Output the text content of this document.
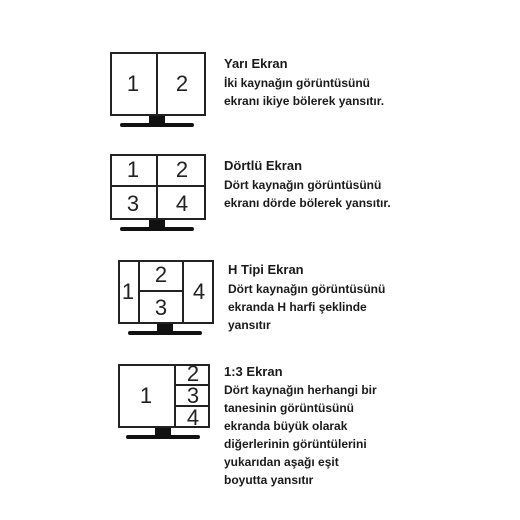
1	2
Yarı Ekran
İki kaynağın görüntüsünü
ekranı ikiye bölerek yansıtır.
1	2
3	4
Dörtlü Ekran
Dört kaynağın görüntüsünü
ekranı dörde bölerek yansıtır.
1
2
3
4
H Tipi Ekran
Dört kaynağın görüntüsünü
ekranda H harfi şeklinde
yansıtır
1
2
3
4
1:3 Ekran
Dört kaynağın herhangi bir
tanesinin görüntüsünü
ekranda büyük olarak
diğerlerinin görüntülerini
yukarıdan aşağı eşit
boyutta yansıtır
